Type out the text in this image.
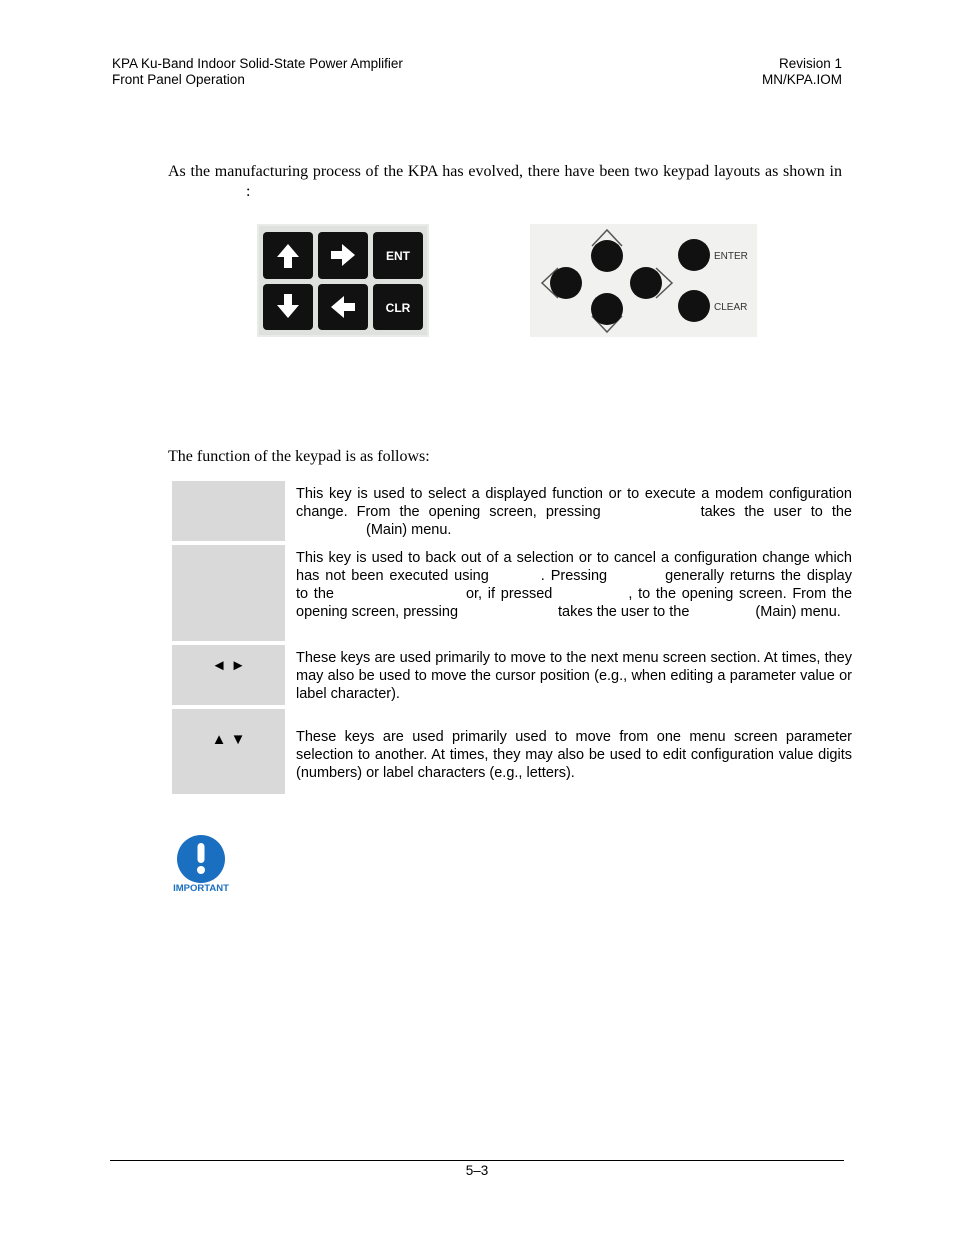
KPA Ku-Band Indoor Solid-State Power Amplifier
Front Panel Operation
Revision 1
MN/KPA.IOM
As the manufacturing process of the KPA has evolved, there have been two keypad layouts as shown in:
ENT
CLR
ENTER
CLEAR
The function of the keypad is as follows:
This key is used to select a displayed function or to execute a modem configuration change. From the opening screen, pressing	takes the user to the(Main) menu.
This key is used to back out of a selection or to cancel a configuration change which has not been executed using	. Pressing	generally returns the display to the	or, if pressed	, to the opening screen. From the opening screen, pressing	takes the user to the	(Main) menu.
◄ ►	These keys are used primarily to move to the next menu screen section. At times, they may also be used to move the cursor position (e.g., when editing a parameter value or label character).
▲ ▼	These keys are used primarily used to move from one menu screen parameter selection to another. At times, they may also be used to edit configuration value digits (numbers) or label characters (e.g., letters).
IMPORTANT
5–3
